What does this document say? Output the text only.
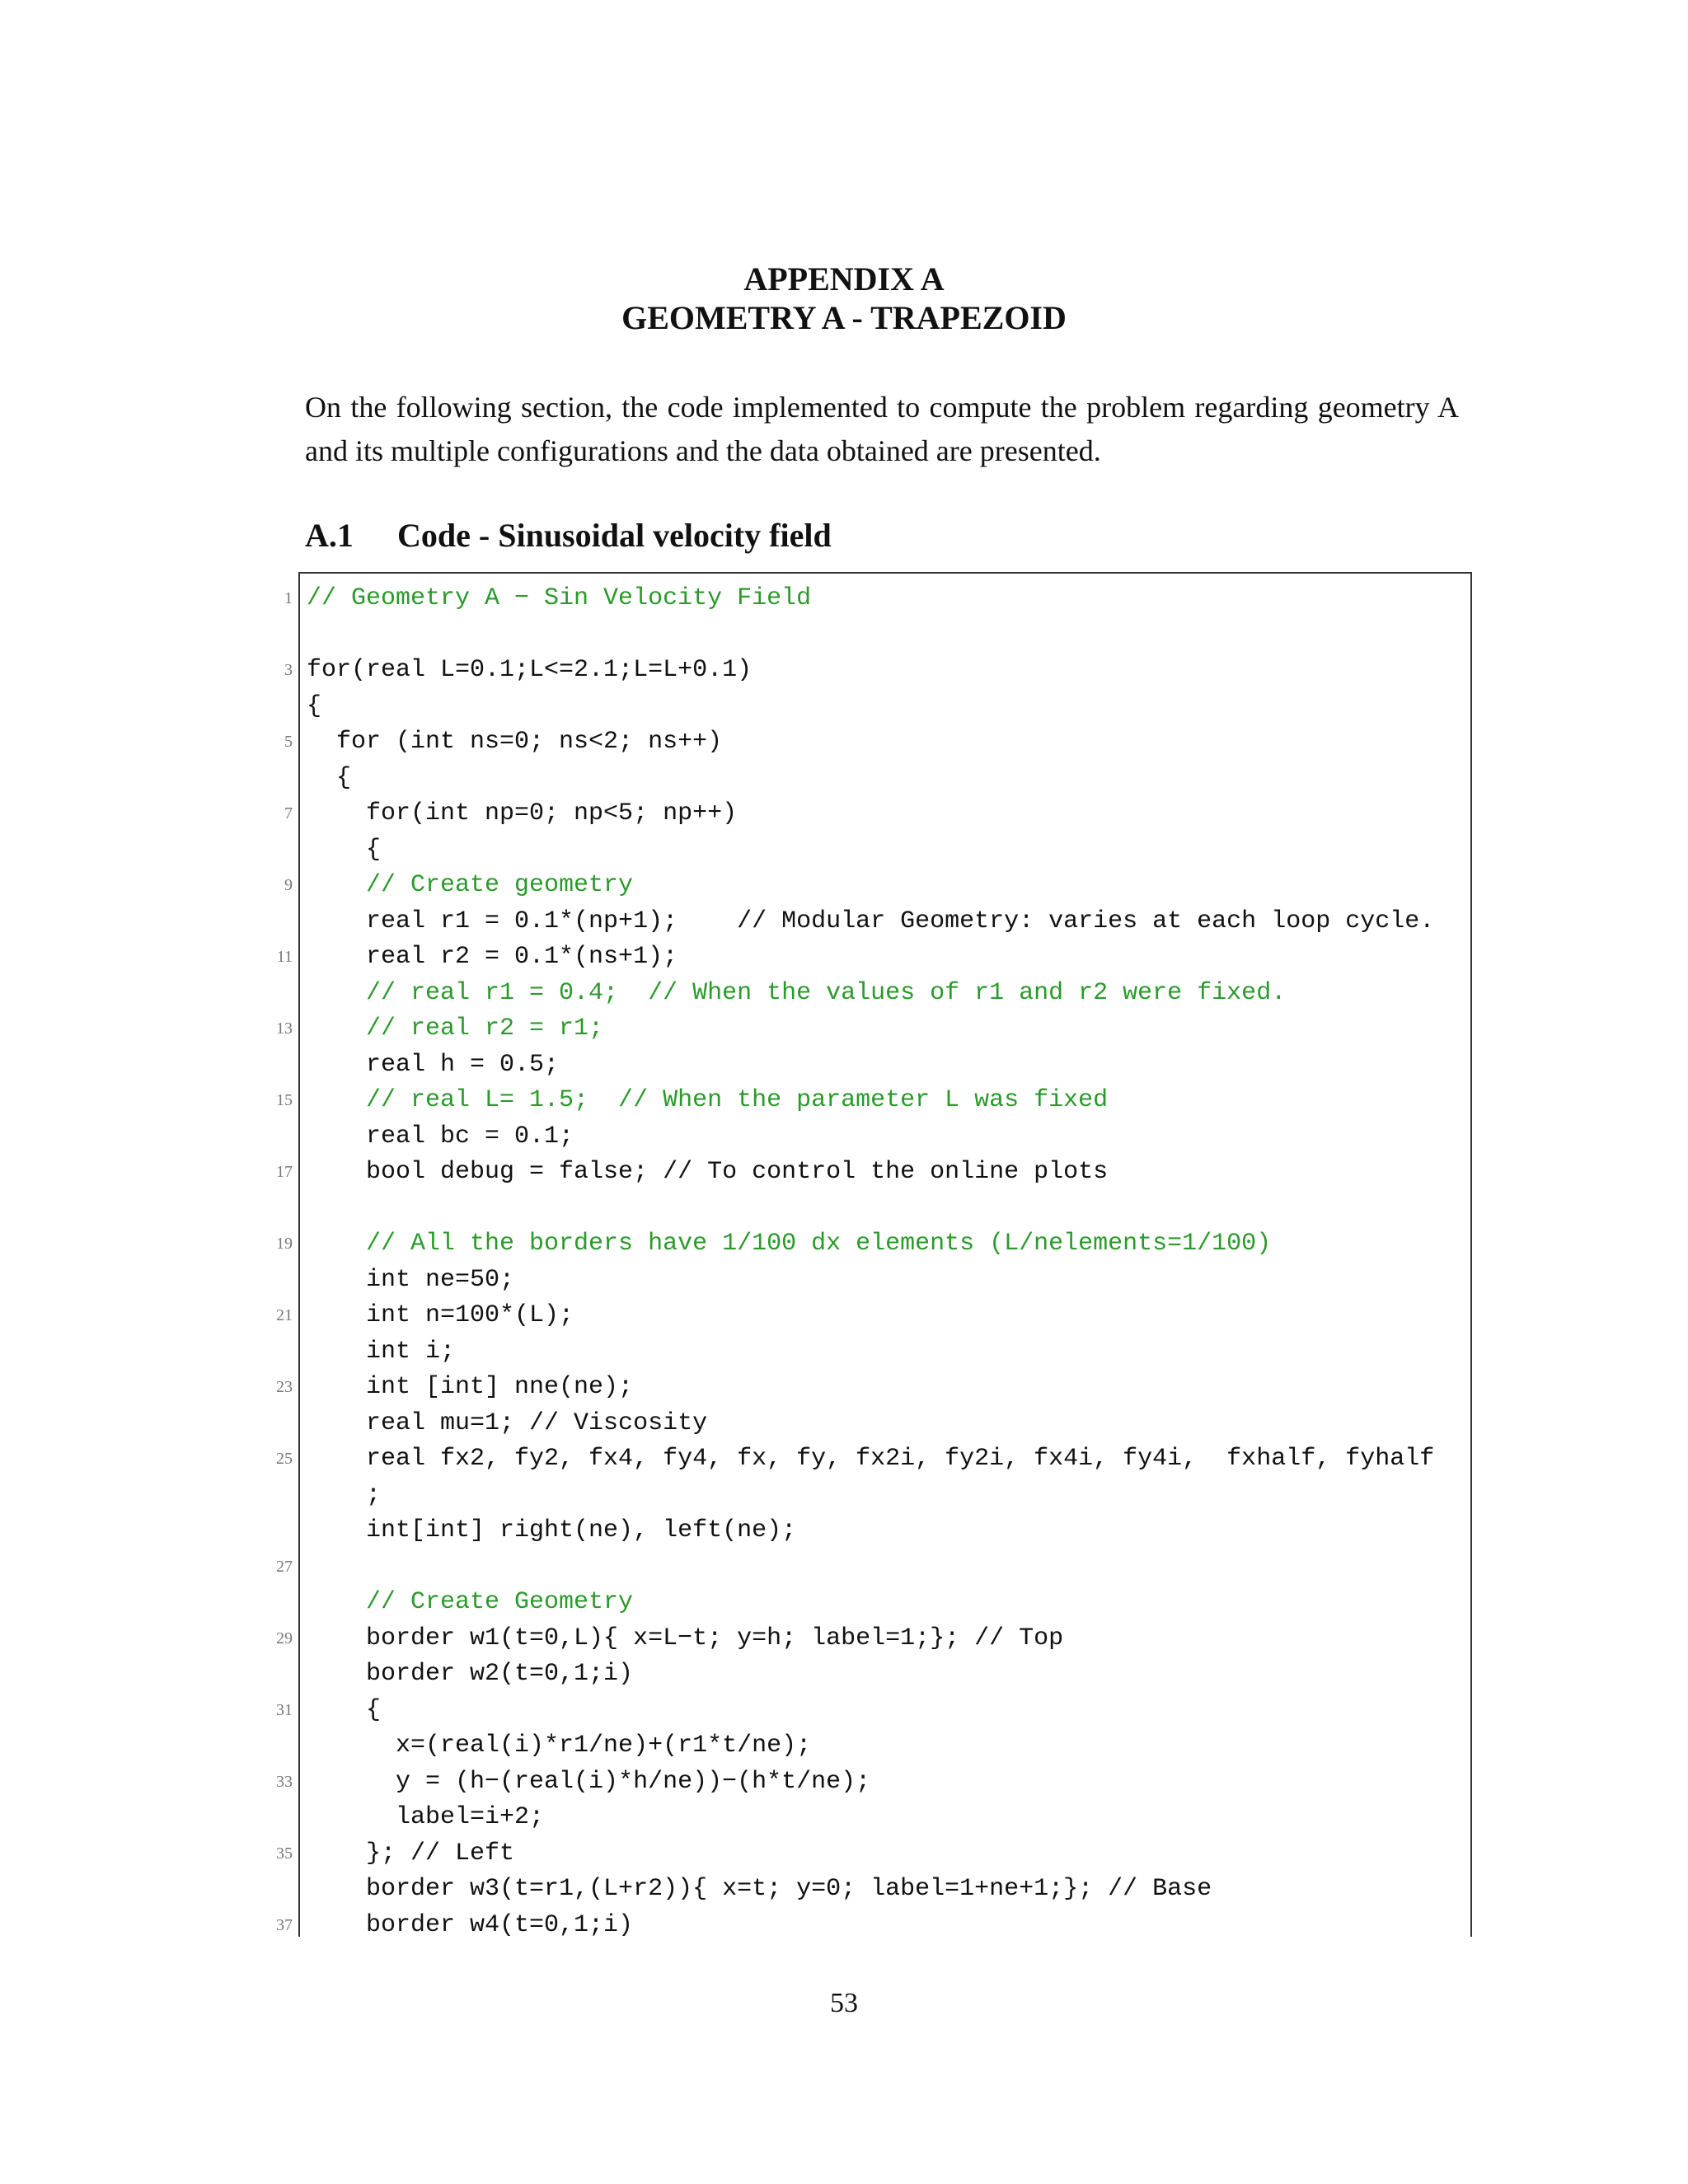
APPENDIX A
GEOMETRY A - TRAPEZOID

On the following section, the code implemented to compute the problem regarding geometry A and its multiple configurations and the data obtained are presented.

A.1 Code - Sinusoidal velocity field
1 // Geometry A − Sin Velocity Field
3 for(real L=0.1;L<=2.1;L=L+0.1)
{
5 for (int ns=0; ns<2; ns++)
{
7 for(int np=0; np<5; np++)
{
9 // Create geometry
real r1 = 0.1*(np+1);    // Modular Geometry: varies at each loop cycle.
11 real r2 = 0.1*(ns+1);
// real r1 = 0.4;  // When the values of r1 and r2 were fixed.
13 // real r2 = r1;
real h = 0.5;
15 // real L= 1.5;  // When the parameter L was fixed
real bc = 0.1;
17 bool debug = false; // To control the online plots
19 // All the borders have 1/100 dx elements (L/nelements=1/100)
int ne=50;
21 int n=100*(L);
int i;
23 int [int] nne(ne);
real mu=1; // Viscosity
25 real fx2, fy2, fx4, fy4, fx, fy, fx2i, fy2i, fx4i, fy4i,  fxhalf, fyhalf
;
int[int] right(ne), left(ne);
27
// Create Geometry
29 border w1(t=0,L){ x=L−t; y=h; label=1;}; // Top
border w2(t=0,1;i)
31 {
x=(real(i)*r1/ne)+(r1*t/ne);
33 y = (h−(real(i)*h/ne))−(h*t/ne);
label=i+2;
35 }; // Left
border w3(t=r1,(L+r2)){ x=t; y=0; label=1+ne+1;}; // Base
37 border w4(t=0,1;i)
53
